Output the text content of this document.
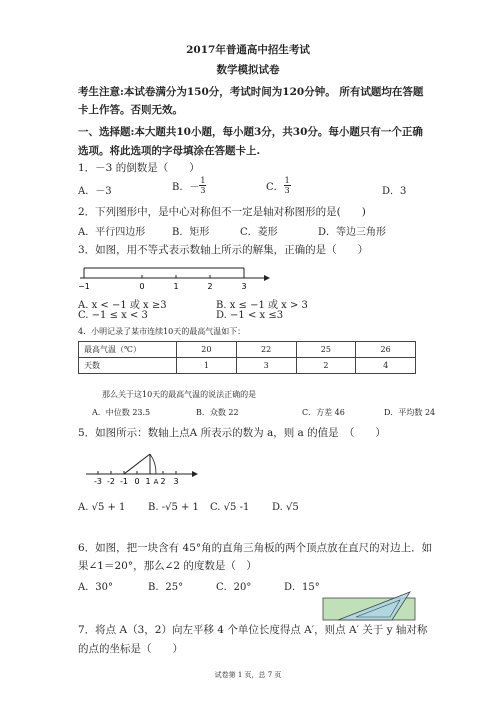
2017年普通高中招生考试
数学模拟试卷
考生注意:本试卷满分为150分，考试时间为120分钟。 所有试题均在答题
卡上作答。否则无效。
一、选择题:本大题共10小题，每小题3分，共30分。每小题只有一个正确
选项。将此选项的字母填涂在答题卡上.
1．－3 的倒数是（　　）
A．－3	B．－ $\frac{1}{3}$	C． $\frac{1}{3}$	D．3
2．下列图形中，是中心对称但不一定是轴对称图形的是(　　)
A．平行四边形	B．矩形	C．菱形	D．等边三角形
3．如图，用不等式表示数轴上所示的解集，正确的是（　　）
−1	0	1	2	3
A. x < −1 或 x ≥3	B. x ≤ −1 或 x > 3
C. −1 ≤ x < 3	D. −1 < x ≤3
4．小明记录了某市连续10天的最高气温如下：
最高气温（℃）	20	22	25	26
天数	1	3	2	4
那么关于这10天的最高气温的说法正确的是
A．中位数 23.5	B．众数 22	C．方差 46	D．平均数 24
5．如图所示：数轴上点A 所表示的数为 a，则 a 的值是　（　　）
-3 -2 -1 0 1 A 2 3
A. √5 + 1 B. -√5 + 1 C. √5 -1 D. √5
6．如图，把一块含有 45°角的直角三角板的两个顶点放在直尺的对边上．如
果∠1＝20°，那么∠2 的度数是（　）
A．30°	B．25°	C．20°	D．15°
7．将点 A（3，2）向左平移 4 个单位长度得点 A′，则点 A′ 关于 y 轴对称
的点的坐标是（　　）
试卷第 1 页，总 7 页
